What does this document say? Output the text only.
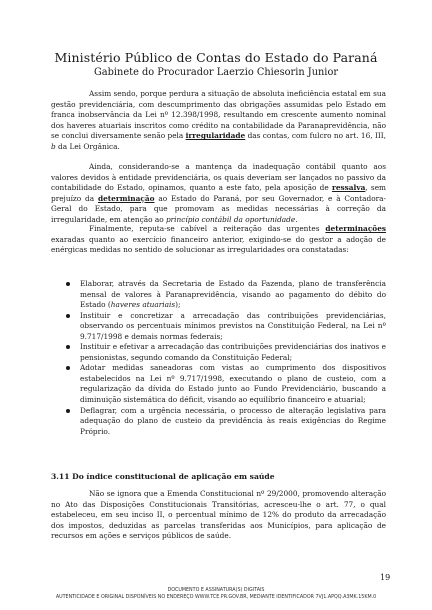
Ministério Público de Contas do Estado do Paraná
Gabinete do Procurador Laerzio Chiesorin Junior

Assim sendo, porque perdura a situação de absoluta ineficiência estatal em sua gestão previdenciária, com descumprimento das obrigações assumidas pelo Estado em franca inobservância da Lei nº 12.398/1998, resultando em crescente aumento nominal dos haveres atuariais inscritos como crédito na contabilidade da Paranaprevidência, não se conclui diversamente senão pela irregularidade das contas, com fulcro no art. 16, III, b da Lei Orgânica.

Ainda, considerando-se a mantença da inadequação contábil quanto aos valores devidos à entidade previdenciária, os quais deveriam ser lançados no passivo da contabilidade do Estado, opinamos, quanto a este fato, pela aposição de ressalva, sem prejuízo da determinação ao Estado do Paraná, por seu Governador, e à Contadora-Geral do Estado, para que promovam as medidas necessárias à correção da irregularidade, em atenção ao princípio contábil da oportunidade.

Finalmente, reputa-se cabível a reiteração das urgentes determinações exaradas quanto ao exercício financeiro anterior, exigindo-se do gestor a adoção de enérgicas medidas no sentido de solucionar as irregularidades ora constatadas:

Elaborar, através da Secretaria de Estado da Fazenda, plano de transferência mensal de valores à Paranaprevidência, visando ao pagamento do débito do Estado (haveres atuariais);
Instituir e concretizar a arrecadação das contribuições previdenciárias, observando os percentuais mínimos previstos na Constituição Federal, na Lei nº 9.717/1998 e demais normas federais;
Instituir e efetivar a arrecadação das contribuições previdenciárias dos inativos e pensionistas, segundo comando da Constituição Federal;
Adotar medidas saneadoras com vistas ao cumprimento dos dispositivos estabelecidos na Lei nº 9.717/1998, executando o plano de custeio, com a regularização da dívida do Estado junto ao Fundo Previdenciário, buscando a diminuição sistemática do déficit, visando ao equilíbrio financeiro e atuarial;
Deflagrar, com a urgência necessária, o processo de alteração legislativa para adequação do plano de custeio da previdência às reais exigências do Regime Próprio.
3.11 Do índice constitucional de aplicação em saúde

Não se ignora que a Emenda Constitucional nº 29/2000, promovendo alteração no Ato das Disposições Constitucionais Transitórias, acresceu-lhe o art. 77, o qual estabeleceu, em seu inciso II, o percentual mínimo de 12% do produto da arrecadação dos impostos, deduzidas as parcelas transferidas aos Municípios, para aplicação de recursos em ações e serviços públicos de saúde.

19
DOCUMENTO E ASSINATURA(S) DIGITAIS
AUTENTICIDADE E ORIGINAL DISPONÍVEIS NO ENDEREÇO WWW.TCE.PR.GOV.BR, MEDIANTE IDENTIFICADOR 7VJ1.APQQ.A3MK.15KM.0
